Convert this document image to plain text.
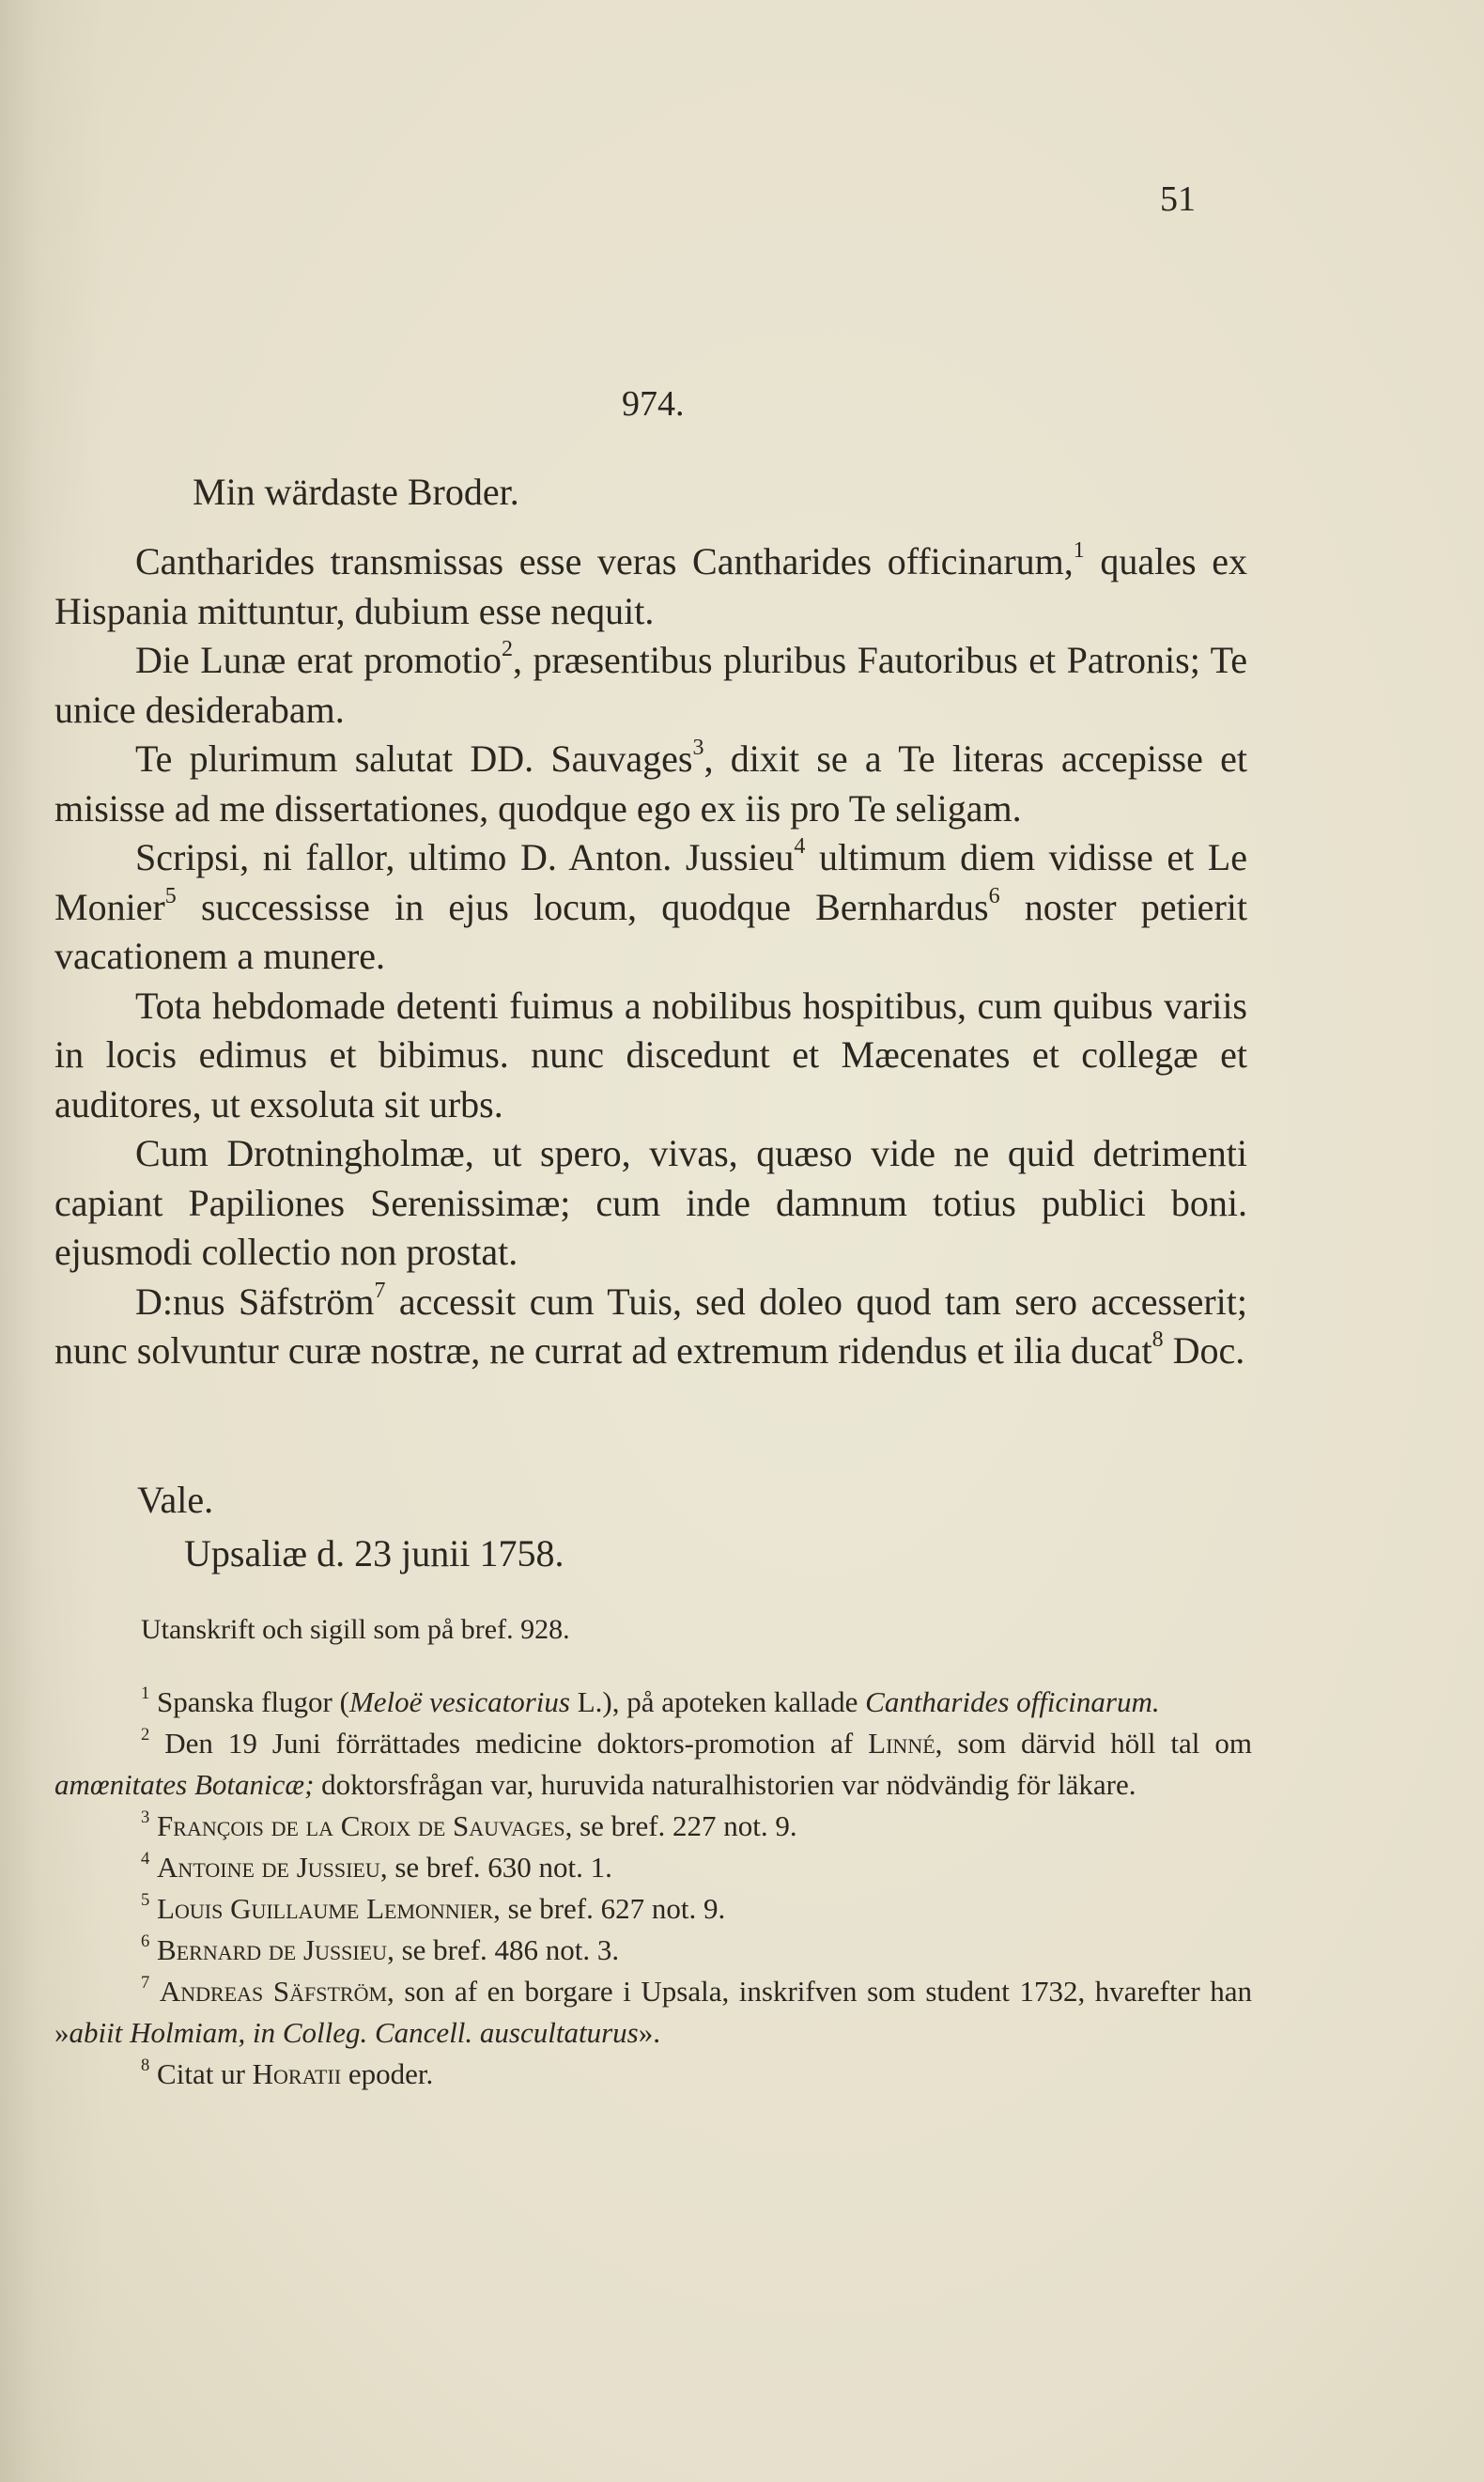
51
974.
Min wärdaste Broder.

Cantharides transmissas esse veras Cantharides officinarum,$^1$ quales ex Hispania mittuntur, dubium esse nequit.

Die Lunæ erat promotio$^2$, præsentibus pluribus Fautoribus et Patronis; Te unice desiderabam.

Te plurimum salutat DD. Sauvages$^3$, dixit se a Te literas accepisse et misisse ad me dissertationes, quodque ego ex iis pro Te seligam.

Scripsi, ni fallor, ultimo D. Anton. Jussieu$^4$ ultimum diem vidisse et Le Monier$^5$ successisse in ejus locum, quodque Bernhardus$^6$ noster petierit vacationem a munere.

Tota hebdomade detenti fuimus a nobilibus hospitibus, cum quibus variis in locis edimus et bibimus. nunc discedunt et Mæcenates et collegæ et auditores, ut exsoluta sit urbs.

Cum Drotningholmæ, ut spero, vivas, quæso vide ne quid detrimenti capiant Papiliones Serenissimæ; cum inde damnum totius publici boni. ejusmodi collectio non prostat.

D:nus Säfström$^7$ accessit cum Tuis, sed doleo quod tam sero accesserit; nunc solvuntur curæ nostræ, ne currat ad extremum ridendus et ilia ducat$^8$ Doc.

Vale.
Upsaliæ d. 23 junii 1758.
Utanskrift och sigill som på bref. 928.

$^1$ Spanska flugor (Meloë vesicatorius L.), på apoteken kallade Cantharides officinarum.

$^2$ Den 19 Juni förrättades medicine doktors-promotion af Linné, som därvid höll tal om amœnitates Botanicæ; doktorsfrågan var, huruvida naturalhistorien var nödvändig för läkare.

$^3$ François de la Croix de Sauvages, se bref. 227 not. 9.

$^4$ Antoine de Jussieu, se bref. 630 not. 1.

$^5$ Louis Guillaume Lemonnier, se bref. 627 not. 9.

$^6$ Bernard de Jussieu, se bref. 486 not. 3.

$^7$ Andreas Säfström, son af en borgare i Upsala, inskrifven som student 1732, hvarefter han »abiit Holmiam, in Colleg. Cancell. auscultaturus».

$^8$ Citat ur Horatii epoder.
